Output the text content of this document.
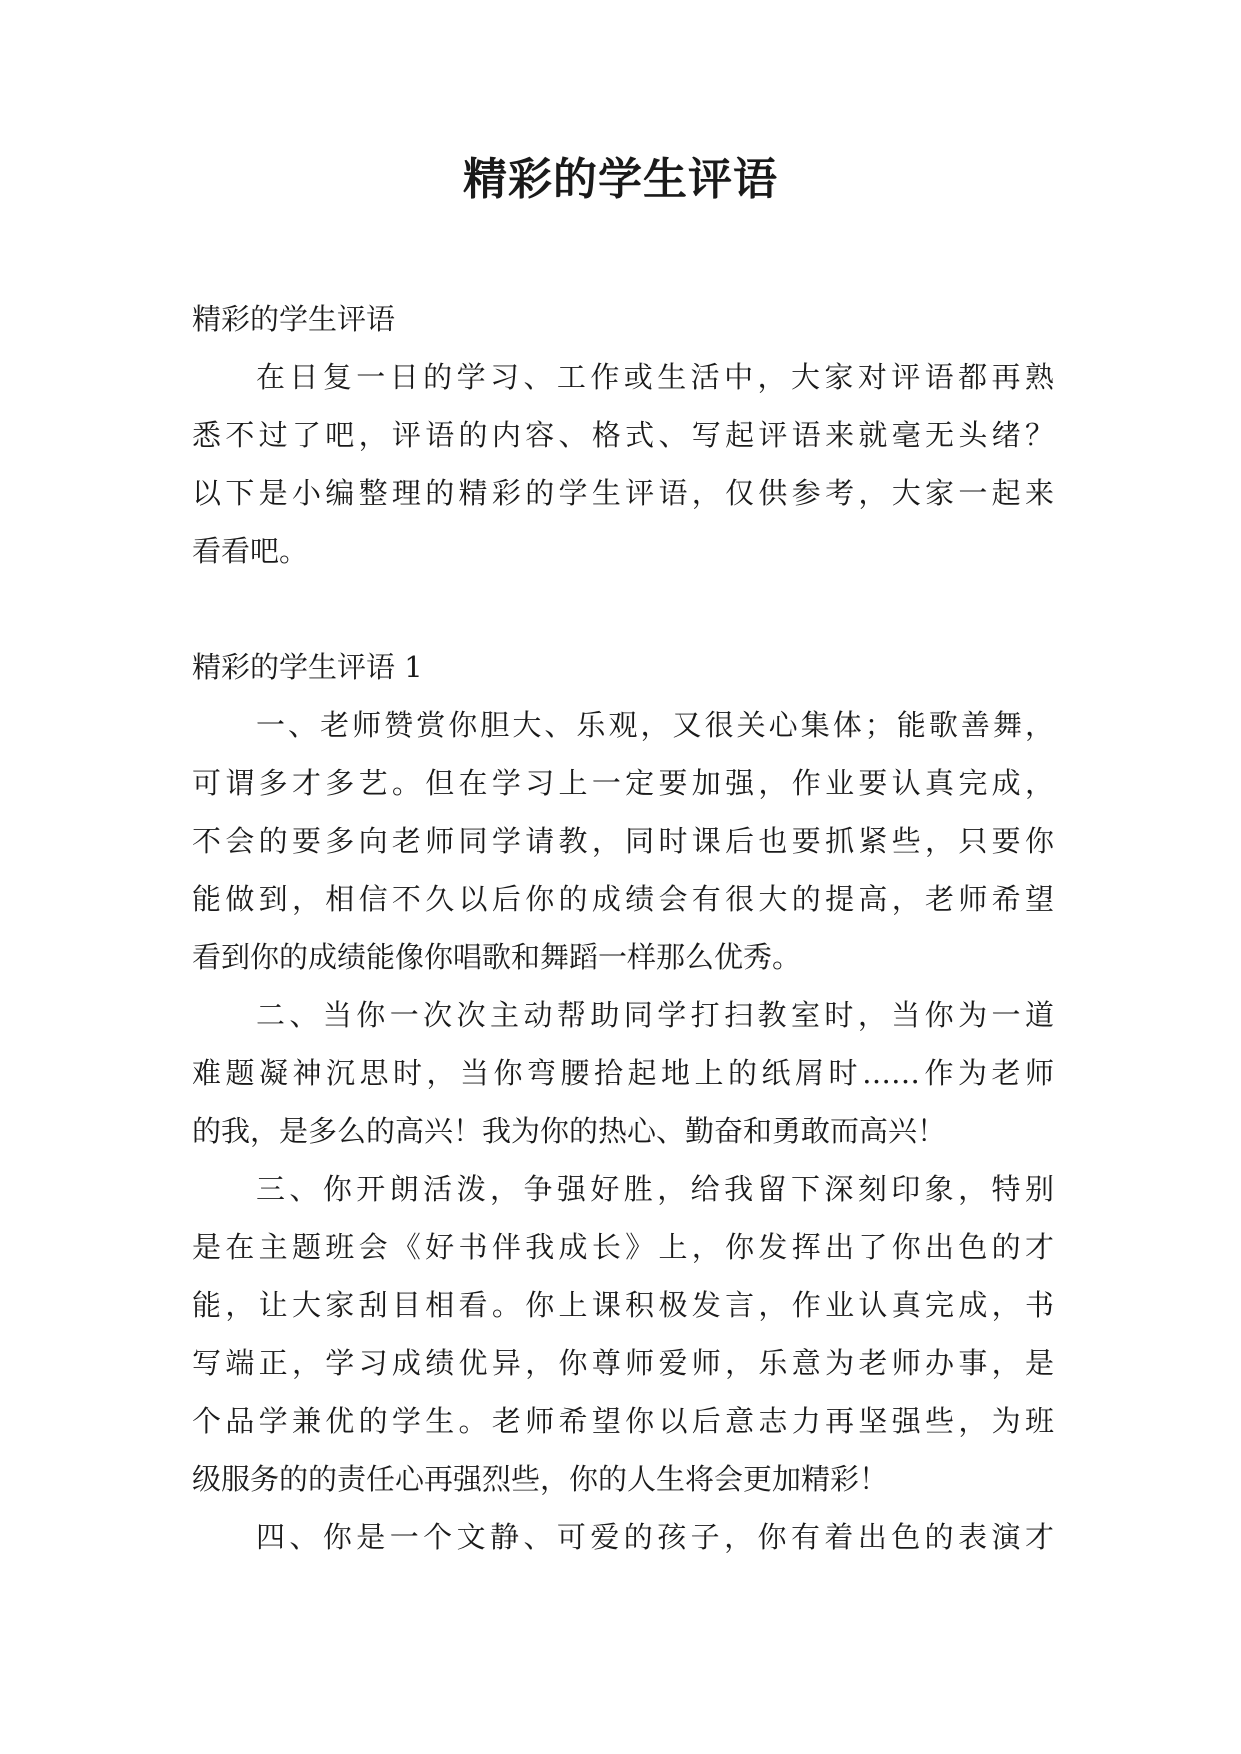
精彩的学生评语
精彩的学生评语
在日复一日的学习、工作或生活中，大家对评语都再熟
悉不过了吧，评语的内容、格式、写起评语来就毫无头绪？
以下是小编整理的精彩的学生评语，仅供参考，大家一起来
看看吧。
精彩的学生评语 1
一、老师赞赏你胆大、乐观，又很关心集体；能歌善舞，
可谓多才多艺。但在学习上一定要加强，作业要认真完成，
不会的要多向老师同学请教，同时课后也要抓紧些，只要你
能做到，相信不久以后你的成绩会有很大的提高，老师希望
看到你的成绩能像你唱歌和舞蹈一样那么优秀。
二、当你一次次主动帮助同学打扫教室时，当你为一道
难题凝神沉思时，当你弯腰拾起地上的纸屑时……作为老师
的我，是多么的高兴！我为你的热心、勤奋和勇敢而高兴！
三、你开朗活泼，争强好胜，给我留下深刻印象，特别
是在主题班会《好书伴我成长》上，你发挥出了你出色的才
能，让大家刮目相看。你上课积极发言，作业认真完成，书
写端正，学习成绩优异，你尊师爱师，乐意为老师办事，是
个品学兼优的学生。老师希望你以后意志力再坚强些，为班
级服务的的责任心再强烈些，你的人生将会更加精彩！
四、你是一个文静、可爱的孩子，你有着出色的表演才
